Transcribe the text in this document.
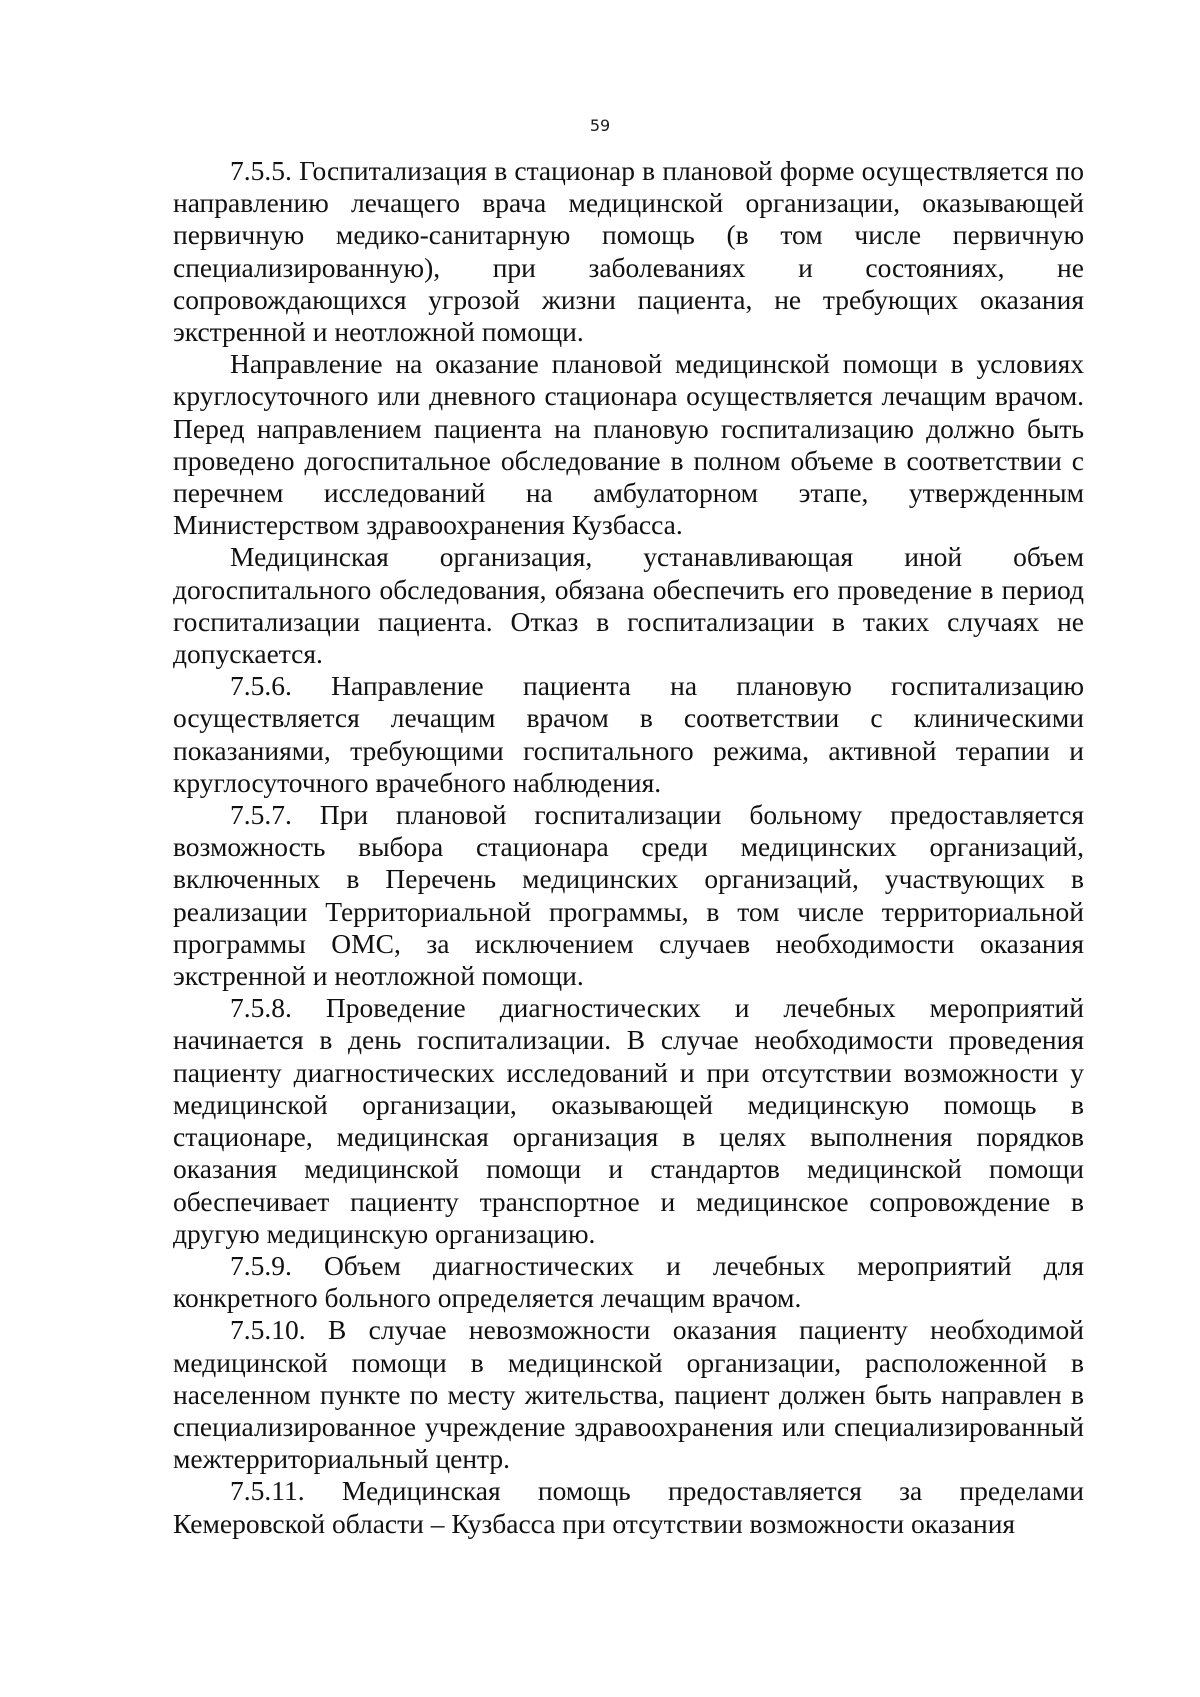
59

7.5.5. Госпитализация в стационар в плановой форме осуществляется по направлению лечащего врача медицинской организации, оказывающей первичную медико-санитарную помощь (в том числе первичную специализированную), при заболеваниях и состояниях, не сопровождающихся угрозой жизни пациента, не требующих оказания экстренной и неотложной помощи.

Направление на оказание плановой медицинской помощи в условиях круглосуточного или дневного стационара осуществляется лечащим врачом. Перед направлением пациента на плановую госпитализацию должно быть проведено догоспитальное обследование в полном объеме в соответствии с перечнем исследований на амбулаторном этапе, утвержденным Министерством здравоохранения Кузбасса.

Медицинская организация, устанавливающая иной объем догоспитального обследования, обязана обеспечить его проведение в период госпитализации пациента. Отказ в госпитализации в таких случаях не допускается.

7.5.6. Направление пациента на плановую госпитализацию осуществляется лечащим врачом в соответствии с клиническими показаниями, требующими госпитального режима, активной терапии и круглосуточного врачебного наблюдения.

7.5.7. При плановой госпитализации больному предоставляется возможность выбора стационара среди медицинских организаций, включенных в Перечень медицинских организаций, участвующих в реализации Территориальной программы, в том числе территориальной программы ОМС, за исключением случаев необходимости оказания экстренной и неотложной помощи.

7.5.8. Проведение диагностических и лечебных мероприятий начинается в день госпитализации. В случае необходимости проведения пациенту диагностических исследований и при отсутствии возможности у медицинской организации, оказывающей медицинскую помощь в стационаре, медицинская организация в целях выполнения порядков оказания медицинской помощи и стандартов медицинской помощи обеспечивает пациенту транспортное и медицинское сопровождение в другую медицинскую организацию.

7.5.9. Объем диагностических и лечебных мероприятий для конкретного больного определяется лечащим врачом.

7.5.10. В случае невозможности оказания пациенту необходимой медицинской помощи в медицинской организации, расположенной в населенном пункте по месту жительства, пациент должен быть направлен в специализированное учреждение здравоохранения или специализированный межтерриториальный центр.

7.5.11. Медицинская помощь предоставляется за пределами Кемеровской области – Кузбасса при отсутствии возможности оказания
